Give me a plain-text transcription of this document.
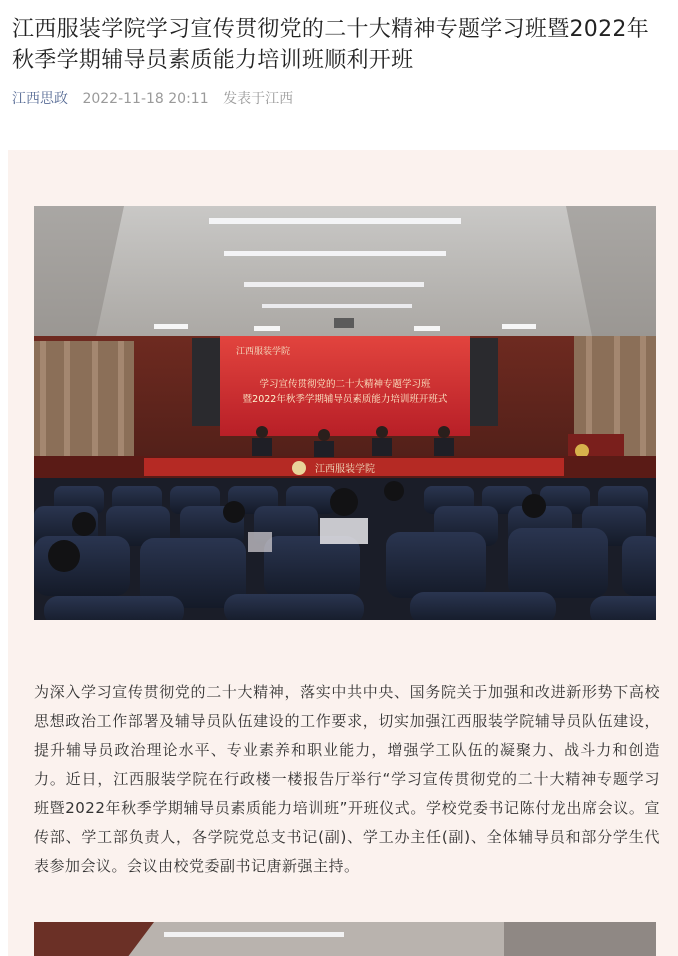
江西服装学院学习宣传贯彻党的二十大精神专题学习班暨2022年秋季学期辅导员素质能力培训班顺利开班
江西思政 2022-11-18 20:11 发表于江西
江西服装学院
学习宣传贯彻党的二十大精神专题学习班
暨2022年秋季学期辅导员素质能力培训班开班式
江西服装学院

为深入学习宣传贯彻党的二十大精神，落实中共中央、国务院关于加强和改进新形势下高校思想政治工作部署及辅导员队伍建设的工作要求，切实加强江西服装学院辅导员队伍建设，提升辅导员政治理论水平、专业素养和职业能力，增强学工队伍的凝聚力、战斗力和创造力。近日，江西服装学院在行政楼一楼报告厅举行“学习宣传贯彻党的二十大精神专题学习班暨2022年秋季学期辅导员素质能力培训班”开班仪式。学校党委书记陈付龙出席会议。宣传部、学工部负责人，各学院党总支书记(副)、学工办主任(副)、全体辅导员和部分学生代表参加会议。会议由校党委副书记唐新强主持。
